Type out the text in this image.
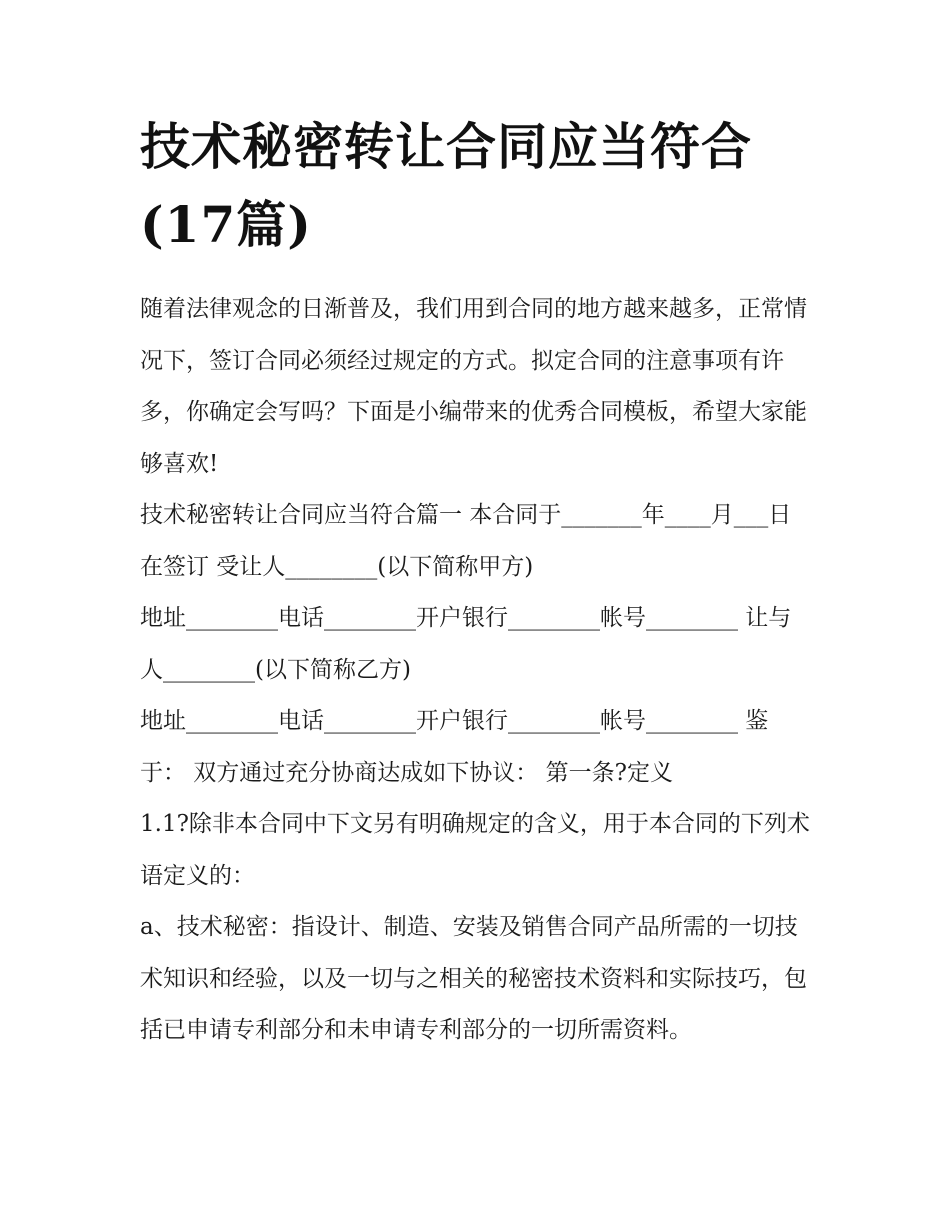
技术秘密转让合同应当符合(17篇)

随着法律观念的日渐普及，我们用到合同的地方越来越多，正常情况下，签订合同必须经过规定的方式。拟定合同的注意事项有许多，你确定会写吗？下面是小编带来的优秀合同模板，希望大家能够喜欢!

技术秘密转让合同应当符合篇一 本合同于_______年____月___日在签订 受让人________(以下简称甲方)

地址________电话________开户银行________帐号________ 让与人________(以下简称乙方)

地址________电话________开户银行________帐号________ 鉴于： 双方通过充分协商达成如下协议： 第一条?定义

1.1?除非本合同中下文另有明确规定的含义，用于本合同的下列术语定义的：

a、技术秘密：指设计、制造、安装及销售合同产品所需的一切技术知识和经验，以及一切与之相关的秘密技术资料和实际技巧，包括已申请专利部分和未申请专利部分的一切所需资料。
